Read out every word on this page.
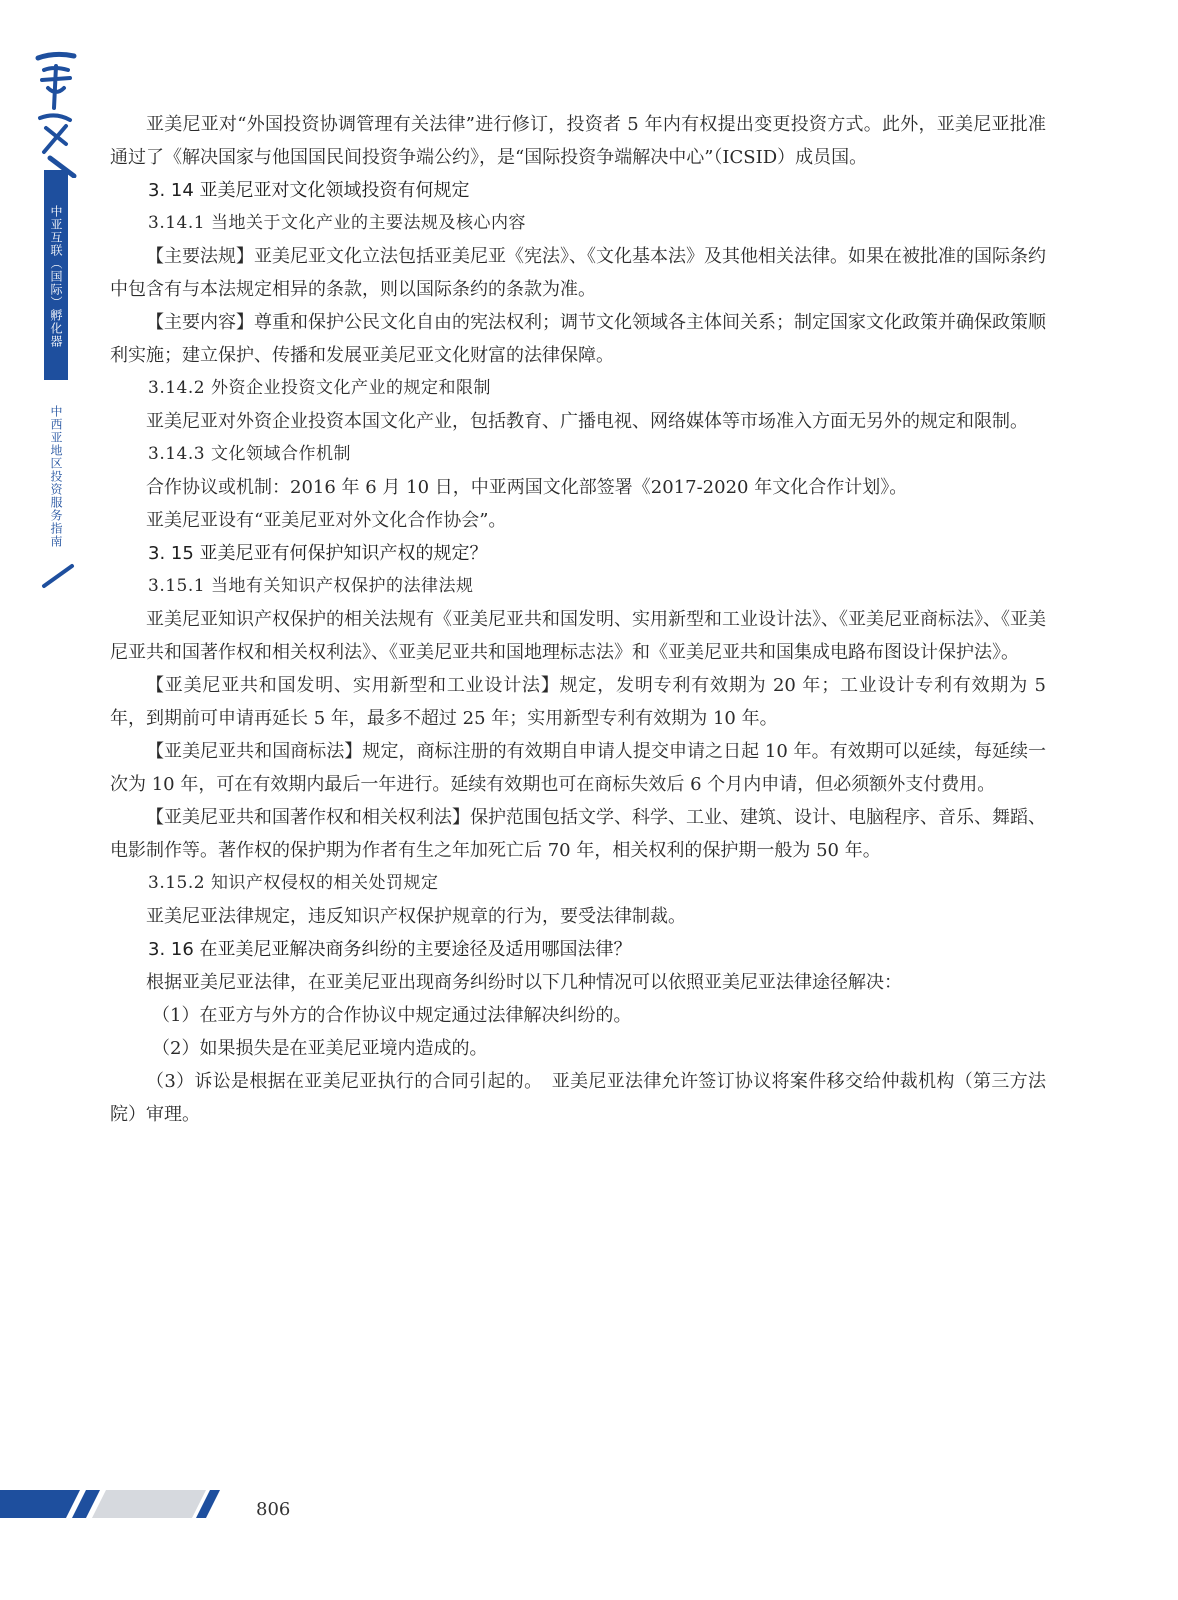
中亚互联（国际）孵化器
中西亚地区投资服务指南

亚美尼亚对“外国投资协调管理有关法律”进行修订，投资者 5 年内有权提出变更投资方式。此外，亚美尼亚批准通过了《解决国家与他国国民间投资争端公约》，是“国际投资争端解决中心”（ICSID）成员国。

3. 14 亚美尼亚对文化领域投资有何规定

3.14.1 当地关于文化产业的主要法规及核心内容

【主要法规】亚美尼亚文化立法包括亚美尼亚《宪法》、《文化基本法》及其他相关法律。如果在被批准的国际条约中包含有与本法规定相异的条款，则以国际条约的条款为准。

【主要内容】尊重和保护公民文化自由的宪法权利；调节文化领域各主体间关系；制定国家文化政策并确保政策顺利实施；建立保护、传播和发展亚美尼亚文化财富的法律保障。

3.14.2 外资企业投资文化产业的规定和限制

亚美尼亚对外资企业投资本国文化产业，包括教育、广播电视、网络媒体等市场准入方面无另外的规定和限制。

3.14.3 文化领域合作机制

合作协议或机制：2016 年 6 月 10 日，中亚两国文化部签署《2017-2020 年文化合作计划》。

亚美尼亚设有“亚美尼亚对外文化合作协会”。

3. 15 亚美尼亚有何保护知识产权的规定？

3.15.1 当地有关知识产权保护的法律法规

亚美尼亚知识产权保护的相关法规有《亚美尼亚共和国发明、实用新型和工业设计法》、《亚美尼亚商标法》、《亚美尼亚共和国著作权和相关权利法》、《亚美尼亚共和国地理标志法》和《亚美尼亚共和国集成电路布图设计保护法》。

【亚美尼亚共和国发明、实用新型和工业设计法】规定，发明专利有效期为 20 年；工业设计专利有效期为 5 年，到期前可申请再延长 5 年，最多不超过 25 年；实用新型专利有效期为 10 年。

【亚美尼亚共和国商标法】规定，商标注册的有效期自申请人提交申请之日起 10 年。有效期可以延续，每延续一次为 10 年，可在有效期内最后一年进行。延续有效期也可在商标失效后 6 个月内申请，但必须额外支付费用。

【亚美尼亚共和国著作权和相关权利法】保护范围包括文学、科学、工业、建筑、设计、电脑程序、音乐、舞蹈、电影制作等。著作权的保护期为作者有生之年加死亡后 70 年，相关权利的保护期一般为 50 年。

3.15.2 知识产权侵权的相关处罚规定

亚美尼亚法律规定，违反知识产权保护规章的行为，要受法律制裁。

3. 16 在亚美尼亚解决商务纠纷的主要途径及适用哪国法律？

根据亚美尼亚法律，在亚美尼亚出现商务纠纷时以下几种情况可以依照亚美尼亚法律途径解决：

（1）在亚方与外方的合作协议中规定通过法律解决纠纷的。

（2）如果损失是在亚美尼亚境内造成的。

（3）诉讼是根据在亚美尼亚执行的合同引起的。　亚美尼亚法律允许签订协议将案件移交给仲裁机构（第三方法院）审理。

806
